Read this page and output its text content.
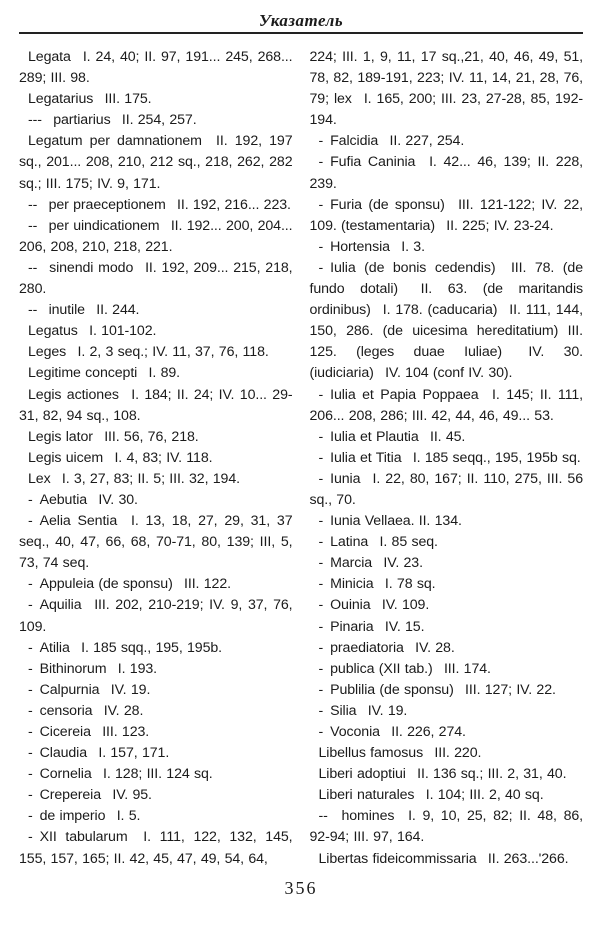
Указатель

Legata  I. 24, 40; II. 97, 191... 245, 268... 289; III. 98.

Legatarius  III. 175.

---  partiarius  II. 254, 257.

Legatum per damnationem  II. 192, 197 sq., 201... 208, 210, 212 sq., 218, 262, 282 sq.; III. 175; IV. 9, 171.

--  per praeceptionem  II. 192, 216... 223.

--  per uindicationem  II. 192... 200, 204... 206, 208, 210, 218, 221.

--  sinendi modo  II. 192, 209... 215, 218, 280.

--  inutile  II. 244.

Legatus  I. 101-102.

Leges  I. 2, 3 seq.; IV. 11, 37, 76, 118.

Legitime concepti  I. 89.

Legis actiones  I. 184; II. 24; IV. 10... 29-31, 82, 94 sq., 108.

Legis lator  III. 56, 76, 218.

Legis uicem  I. 4, 83; IV. 118.

Lex  I. 3, 27, 83; II. 5; III. 32, 194.

- Aebutia  IV. 30.

- Aelia Sentia  I. 13, 18, 27, 29, 31, 37 seq., 40, 47, 66, 68, 70-71, 80, 139; III, 5, 73, 74 seq.

- Appuleia (de sponsu)  III. 122.

- Aquilia  III. 202, 210-219; IV. 9, 37, 76, 109.

- Atilia  I. 185 sqq., 195, 195b.

- Bithinorum  I. 193.

- Calpurnia  IV. 19.

- censoria  IV. 28.

- Cicereia  III. 123.

- Claudia  I. 157, 171.

- Cornelia  I. 128; III. 124 sq.

- Crepereia  IV. 95.

- de imperio  I. 5.

- XII tabularum  I. 111, 122, 132, 145, 155, 157, 165; II. 42, 45, 47, 49, 54, 64,

224; III. 1, 9, 11, 17 sq.,21, 40, 46, 49, 51, 78, 82, 189-191, 223; IV. 11, 14, 21, 28, 76, 79; lex  I. 165, 200; III. 23, 27-28, 85, 192-194.

- Falcidia  II. 227, 254.

- Fufia Caninia  I. 42... 46, 139; II. 228, 239.

- Furia (de sponsu)  III. 121-122; IV. 22, 109. (testamentaria)  II. 225; IV. 23-24.

- Hortensia  I. 3.

- Iulia (de bonis cedendis)  III. 78. (de fundo dotali)  II. 63. (de maritandis ordinibus)  I. 178. (caducaria)  II. 111, 144, 150, 286. (de uicesima hereditatium) III. 125. (leges duae Iuliae)  IV. 30. (iudiciaria)  IV. 104 (conf IV. 30).

- Iulia et Papia Poppaea  I. 145; II. 111, 206... 208, 286; III. 42, 44, 46, 49... 53.

- Iulia et Plautia  II. 45.

- Iulia et Titia  I. 185 seqq., 195, 195b sq.

- Iunia  I. 22, 80, 167; II. 110, 275, III. 56 sq., 70.

- Iunia Vellaea. II. 134.

- Latina  I. 85 seq.

- Marcia  IV. 23.

- Minicia  I. 78 sq.

- Ouinia  IV. 109.

- Pinaria  IV. 15.

- praediatoria  IV. 28.

- publica (XII tab.)  III. 174.

- Publilia (de sponsu)  III. 127; IV. 22.

- Silia  IV. 19.

- Voconia  II. 226, 274.

Libellus famosus  III. 220.

Liberi adoptiui  II. 136 sq.; III. 2, 31, 40.

Liberi naturales  I. 104; III. 2, 40 sq.

--  homines  I. 9, 10, 25, 82; II. 48, 86, 92-94; III. 97, 164.

Libertas fideicommissaria  II. 263...'266.

356
